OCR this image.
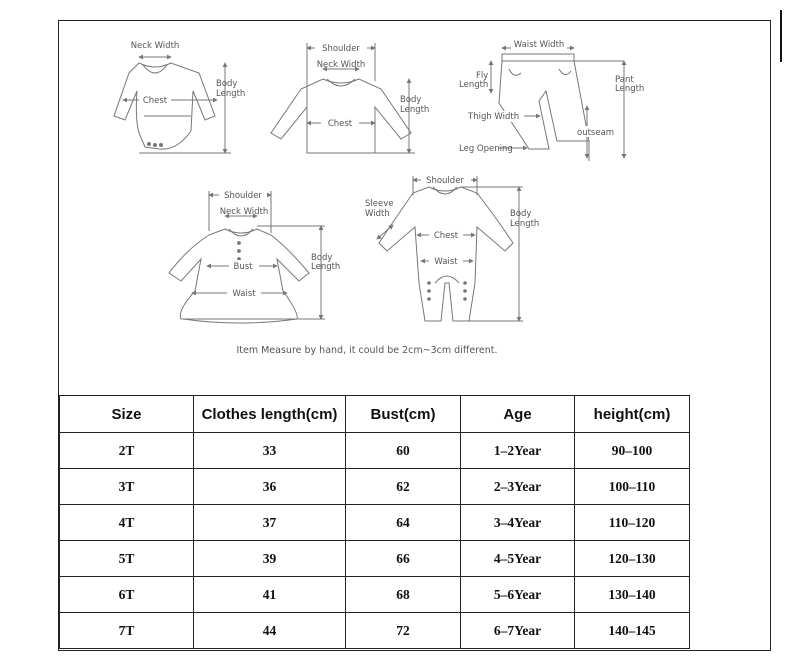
Neck Width
Chest
Body
Length
Shoulder
Neck Width
Chest
Body
Length
Waist Width
Fly
Length	Pant
Length
Thigh Width
outseam
Leg Opening
Shoulder
Neck Width
Bust
Waist
Body
Length
Shoulder
Sleeve
Width
Chest
Waist
Body
Length
Item Measure by hand, it could be 2cm~3cm different.
Size	Clothes length(cm)	Bust(cm)	Age	height(cm)
2T	33	60	1–2Year	90–100
3T	36	62	2–3Year	100–110
4T	37	64	3–4Year	110–120
5T	39	66	4–5Year	120–130
6T	41	68	5–6Year	130–140
7T	44	72	6–7Year	140–145
